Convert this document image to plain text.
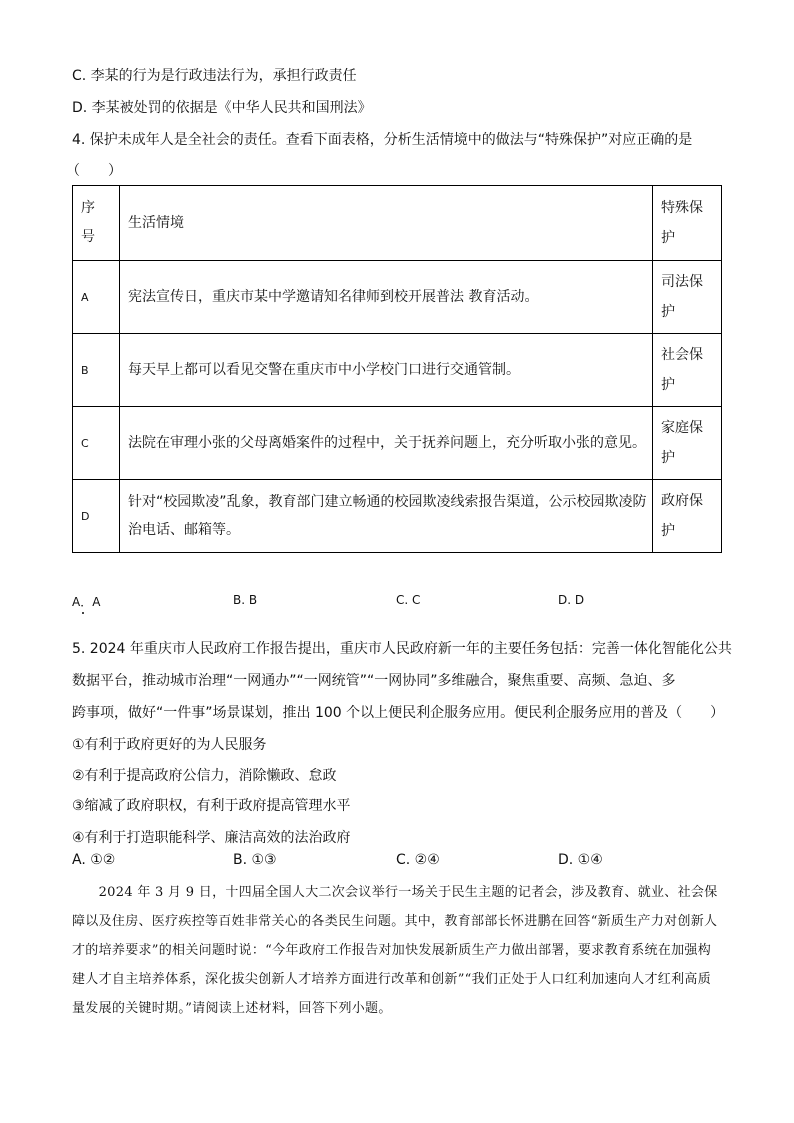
C. 李某的行为是行政违法行为，承担行政责任
D. 李某被处罚的依据是《中华人民共和国刑法》
4. 保护未成年人是全社会的责任。查看下面表格，分析生活情境中的做法与“特殊保护”对应正确的是
（　　）
序号	生活情境	特殊保护

A	宪法宣传日，重庆市某中学邀请知名律师到校开展普法 教育活动。	司法保护

B	每天早上都可以看见交警在重庆市中小学校门口进行交通管制。	社会保护

C	法院在审理小张的父母离婚案件的过程中，关于抚养问题上，充分听取小张的意见。	家庭保护

D	针对“校园欺凌”乱象，教育部门建立畅通的校园欺凌线索报告渠道，公示校园欺凌防治电话、邮箱等。	政府保护
A．A	B. B	C. C	D. D
5. 2024 年重庆市人民政府工作报告提出，重庆市人民政府新一年的主要任务包括：完善一体化智能化公共
数据平台，推动城市治理“一网通办”“一网统管”“一网协同”多维融合，聚焦重要、高频、急迫、多
跨事项，做好“一件事”场景谋划，推出 100 个以上便民利企服务应用。便民利企服务应用的普及（　　）
①有利于政府更好的为人民服务
②有利于提高政府公信力，消除懒政、怠政
③缩减了政府职权，有利于政府提高管理水平
④有利于打造职能科学、廉洁高效的法治政府
A. ①②	B. ①③	C. ②④	D. ①④
　　2024 年 3 月 9 日，十四届全国人大二次会议举行一场关于民生主题的记者会，涉及教育、就业、社会保障以及住房、医疗疾控等百姓非常关心的各类民生问题。其中，教育部部长怀进鹏在回答“新质生产力对创新人才的培养要求”的相关问题时说：“今年政府工作报告对加快发展新质生产力做出部署，要求教育系统在加强构建人才自主培养体系，深化拔尖创新人才培养方面进行改革和创新”“我们正处于人口红利加速向人才红利高质量发展的关键时期。”请阅读上述材料，回答下列小题。
